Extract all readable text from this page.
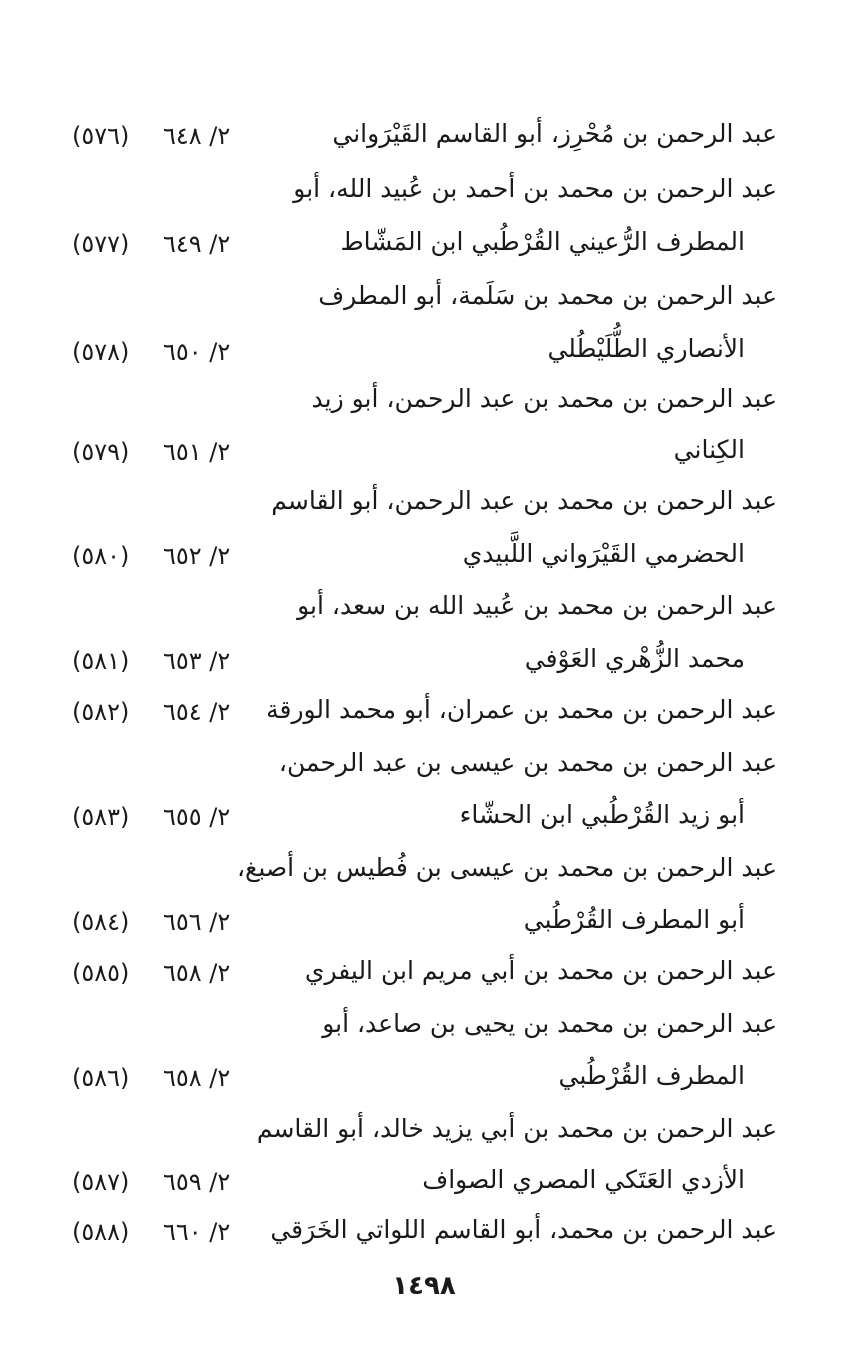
عبد الرحمن بن مُحْرِز، أبو القاسم القَيْرَواني
٢/ ٦٤٨
(٥٧٦)
عبد الرحمن بن محمد بن أحمد بن عُبيد الله، أبو
المطرف الرُّعيني القُرْطُبي ابن المَشّاط
٢/ ٦٤٩
(٥٧٧)
عبد الرحمن بن محمد بن سَلَمة، أبو المطرف
الأنصاري الطُّلَيْطُلي
٢/ ٦٥٠
(٥٧٨)
عبد الرحمن بن محمد بن عبد الرحمن، أبو زيد
الكِناني
٢/ ٦٥١
(٥٧٩)
عبد الرحمن بن محمد بن عبد الرحمن، أبو القاسم
الحضرمي القَيْرَواني اللَّبيدي
٢/ ٦٥٢
(٥٨٠)
عبد الرحمن بن محمد بن عُبيد الله بن سعد، أبو
محمد الزُّهْري العَوْفي
٢/ ٦٥٣
(٥٨١)
عبد الرحمن بن محمد بن عمران، أبو محمد الورقة
٢/ ٦٥٤
(٥٨٢)
عبد الرحمن بن محمد بن عيسى بن عبد الرحمن،
أبو زيد القُرْطُبي ابن الحشّاء
٢/ ٦٥٥
(٥٨٣)
عبد الرحمن بن محمد بن عيسى بن فُطيس بن أصبغ،
أبو المطرف القُرْطُبي
٢/ ٦٥٦
(٥٨٤)
عبد الرحمن بن محمد بن أبي مريم ابن اليفري
٢/ ٦٥٨
(٥٨٥)
عبد الرحمن بن محمد بن يحيى بن صاعد، أبو
المطرف القُرْطُبي
٢/ ٦٥٨
(٥٨٦)
عبد الرحمن بن محمد بن أبي يزيد خالد، أبو القاسم
الأزدي العَتَكي المصري الصواف
٢/ ٦٥٩
(٥٨٧)
عبد الرحمن بن محمد، أبو القاسم اللواتي الخَرَقي
٢/ ٦٦٠
(٥٨٨)
١٤٩٨
